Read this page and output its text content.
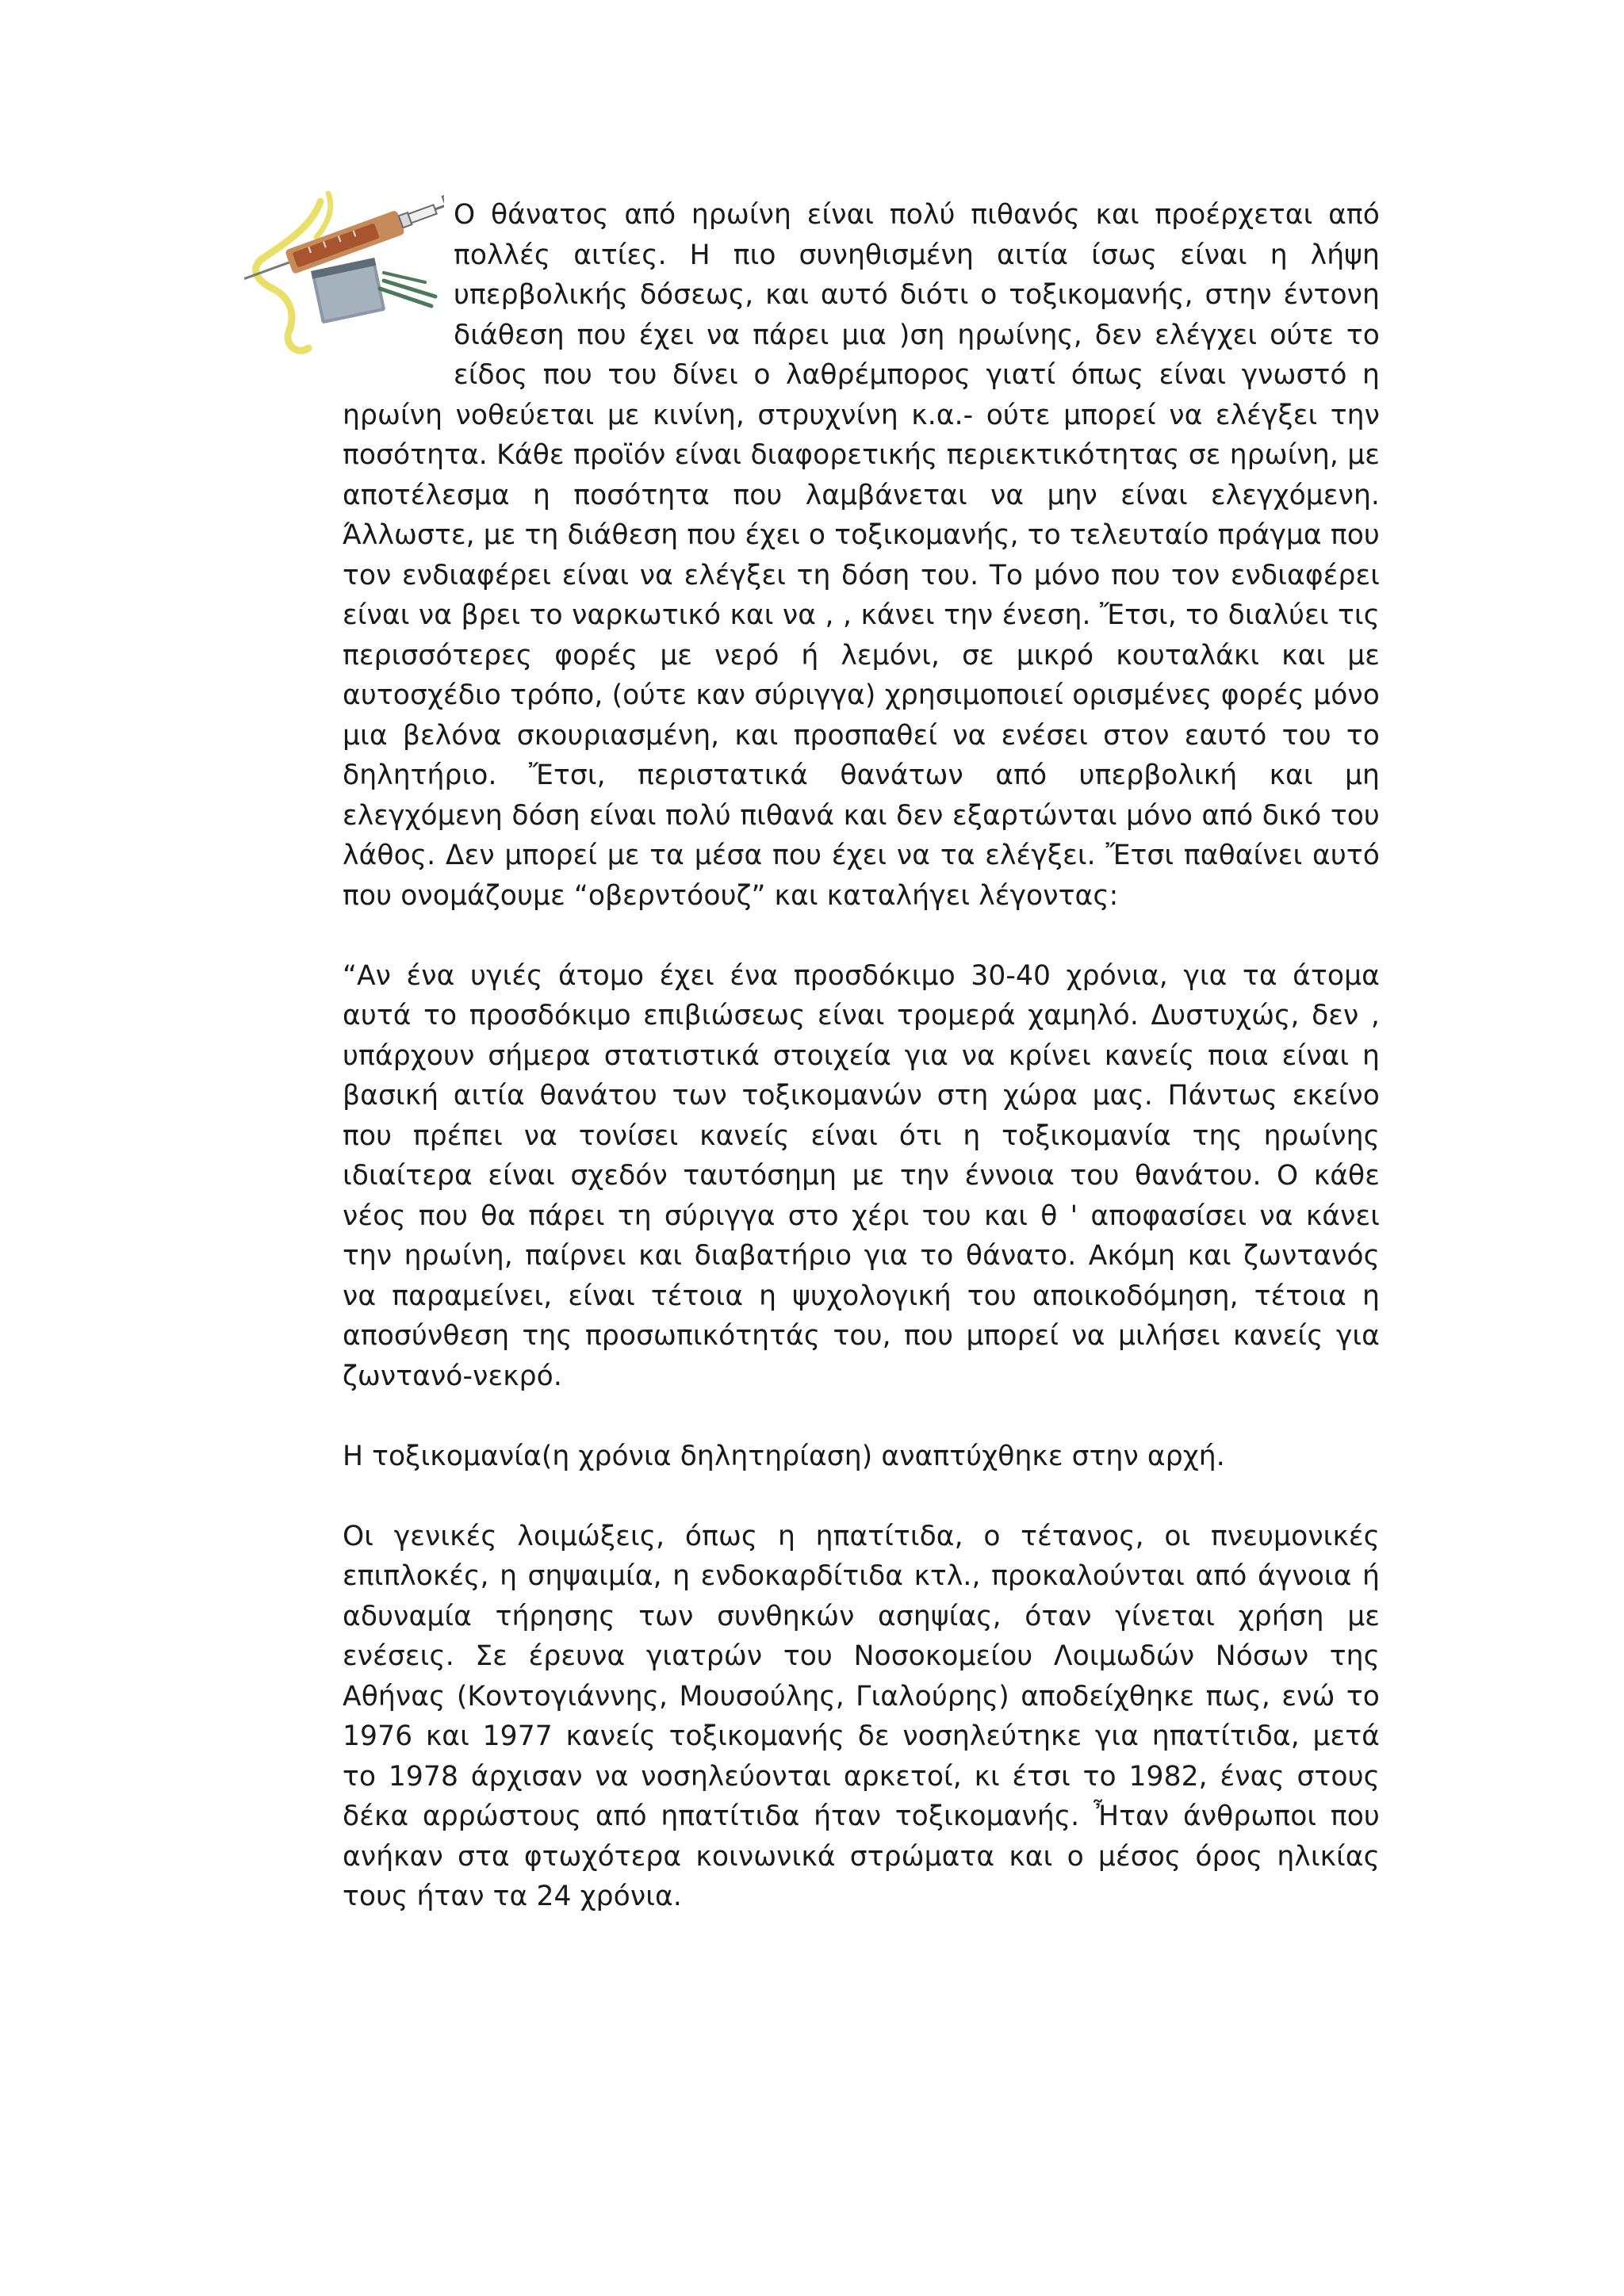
Ο θάνατος από ηρωίνη είναι πολύ πιθανός και προέρχεται από πολλές αιτίες. Η πιο συνηθισμένη αιτία ίσως είναι η λήψη υπερβολικής δόσεως, και αυτό διότι ο τοξικομανής, στην έντονη διάθεση που έχει να πάρει μια )ση ηρωίνης, δεν ελέγχει ούτε το είδος που του δίνει ο λαθρέμπορος γιατί όπως είναι γνωστό η ηρωίνη νοθεύεται με κινίνη, στρυχνίνη κ.α.- ούτε μπορεί να ελέγξει την ποσότητα. Κάθε προϊόν είναι διαφορετικής περιεκτικότητας σε ηρωίνη, με αποτέλεσμα η ποσότητα που λαμβάνεται να μην είναι ελεγχόμενη. Άλλωστε, με τη διάθεση που έχει ο τοξικομανής, το τελευταίο πράγμα που τον ενδιαφέρει είναι να ελέγξει τη δόση του. Το μόνο που τον ενδιαφέρει είναι να βρει το ναρκωτικό και να , , κάνει την ένεση. Ἔτσι, το διαλύει τις περισσότερες φορές με νερό ή λεμόνι, σε μικρό κουταλάκι και με αυτοσχέδιο τρόπο, (ούτε καν σύριγγα) χρησιμοποιεί ορισμένες φορές μόνο μια βελόνα σκουριασμένη, και προσπαθεί να ενέσει στον εαυτό του το δηλητήριο. Ἔτσι, περιστατικά θανάτων από υπερβολική και μη ελεγχόμενη δόση είναι πολύ πιθανά και δεν εξαρτώνται μόνο από δικό του λάθος. Δεν μπορεί με τα μέσα που έχει να τα ελέγξει. Ἔτσι παθαίνει αυτό που ονομάζουμε “οβερντόουζ” και καταλήγει λέγοντας:

“Αν ένα υγιές άτομο έχει ένα προσδόκιμο 30-40 χρόνια, για τα άτομα αυτά το προσδόκιμο επιβιώσεως είναι τρομερά χαμηλό. Δυστυχώς, δεν , υπάρχουν σήμερα στατιστικά στοιχεία για να κρίνει κανείς ποια είναι η βασική αιτία θανάτου των τοξικομανών στη χώρα μας. Πάντως εκείνο που πρέπει να τονίσει κανείς είναι ότι η τοξικομανία της ηρωίνης ιδιαίτερα είναι σχεδόν ταυτόσημη με την έννοια του θανάτου. Ο κάθε νέος που θα πάρει τη σύριγγα στο χέρι του και θ ' αποφασίσει να κάνει την ηρωίνη, παίρνει και διαβατήριο για το θάνατο. Ακόμη και ζωντανός να παραμείνει, είναι τέτοια η ψυχολογική του αποικοδόμηση, τέτοια η αποσύνθεση της προσωπικότητάς του, που μπορεί να μιλήσει κανείς για ζωντανό-νεκρό.

Η τοξικομανία(η χρόνια δηλητηρίαση) αναπτύχθηκε στην αρχή.

Οι γενικές λοιμώξεις, όπως η ηπατίτιδα, ο τέτανος, οι πνευμονικές επιπλοκές, η σηψαιμία, η ενδοκαρδίτιδα κτλ., προκαλούνται από άγνοια ή αδυναμία τήρησης των συνθηκών ασηψίας, όταν γίνεται χρήση με ενέσεις. Σε έρευνα γιατρών του Νοσοκομείου Λοιμωδών Νόσων της Αθήνας (Κοντογιάννης, Μουσούλης, Γιαλούρης) αποδείχθηκε πως, ενώ το 1976 και 1977 κανείς τοξικομανής δε νοσηλεύτηκε για ηπατίτιδα, μετά το 1978 άρχισαν να νοσηλεύονται αρκετοί, κι έτσι το 1982, ένας στους δέκα αρρώστους από ηπατίτιδα ήταν τοξικομανής. Ἦταν άνθρωποι που ανήκαν στα φτωχότερα κοινωνικά στρώματα και ο μέσος όρος ηλικίας τους ήταν τα 24 χρόνια.
